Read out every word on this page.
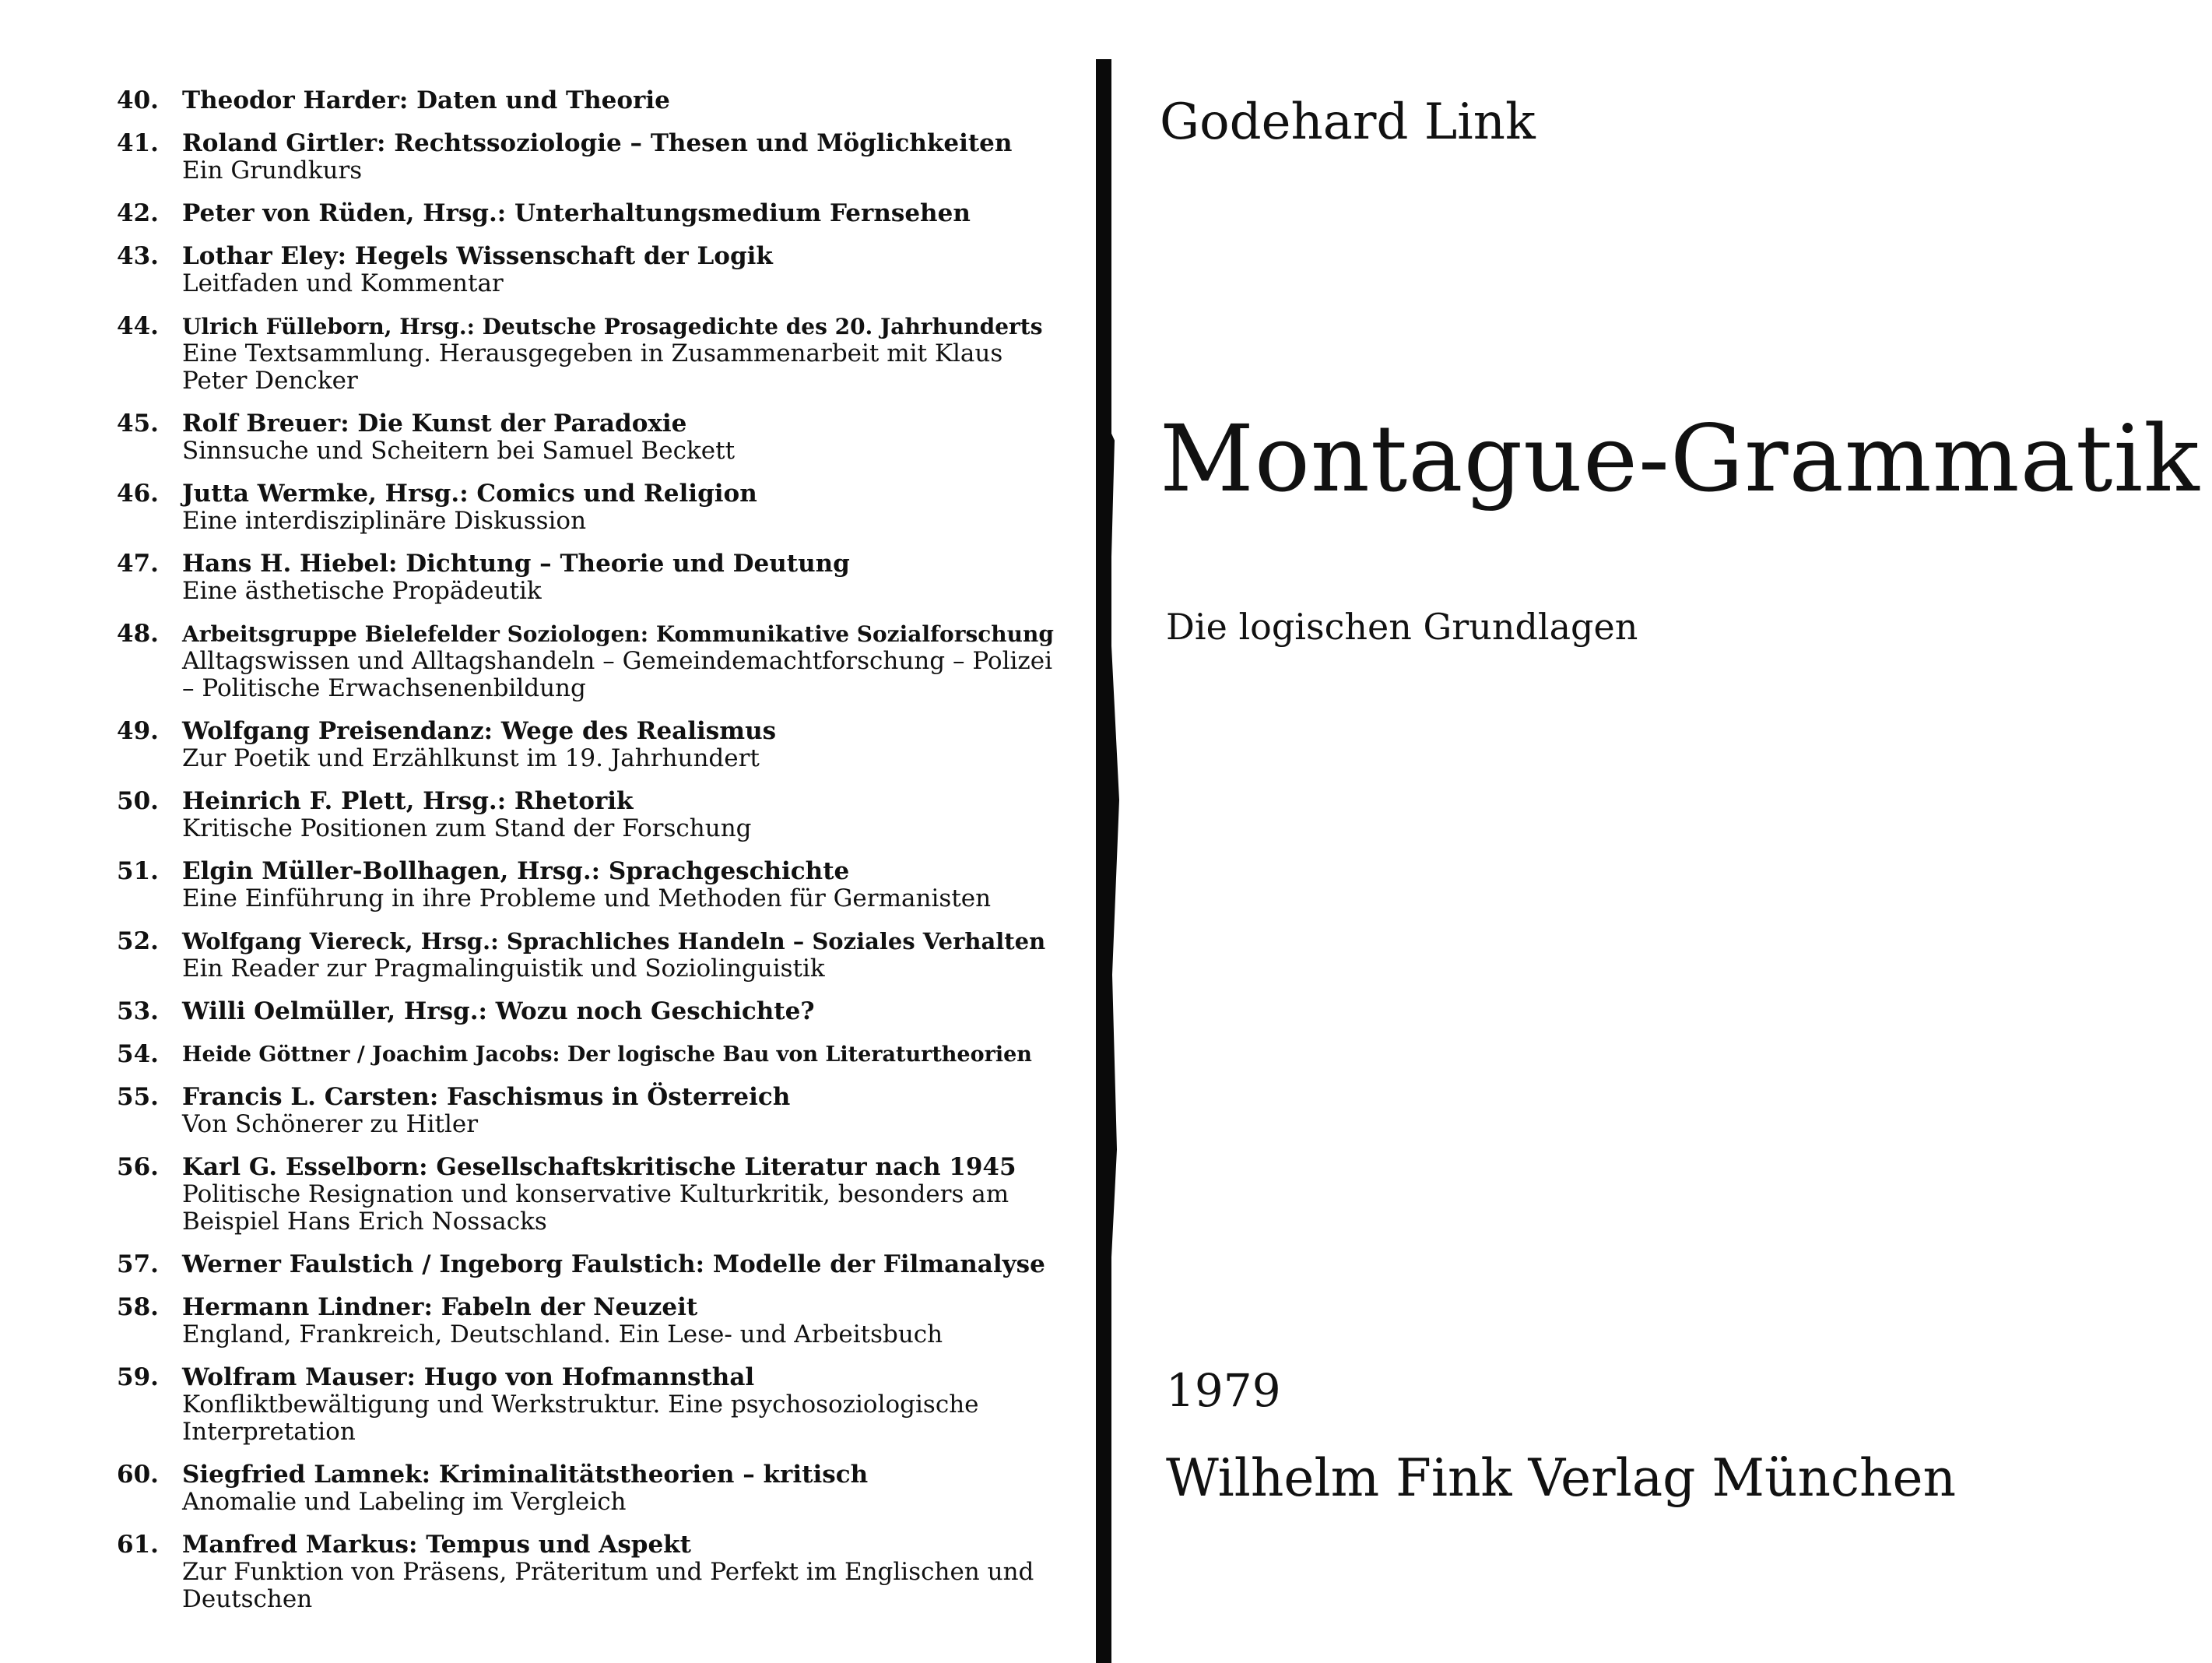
40. Theodor Harder: Daten und Theorie
41. Roland Girtler: Rechtssoziologie – Thesen und Möglichkeiten
Ein Grundkurs
42. Peter von Rüden, Hrsg.: Unterhaltungsmedium Fernsehen
43. Lothar Eley: Hegels Wissenschaft der Logik
Leitfaden und Kommentar
44. Ulrich Fülleborn, Hrsg.: Deutsche Prosagedichte des 20. Jahrhunderts
Eine Textsammlung. Herausgegeben in Zusammenarbeit mit Klaus Peter Dencker
45. Rolf Breuer: Die Kunst der Paradoxie
Sinnsuche und Scheitern bei Samuel Beckett
46. Jutta Wermke, Hrsg.: Comics und Religion
Eine interdisziplinäre Diskussion
47. Hans H. Hiebel: Dichtung – Theorie und Deutung
Eine ästhetische Propädeutik
48. Arbeitsgruppe Bielefelder Soziologen: Kommunikative Sozialforschung
Alltagswissen und Alltagshandeln – Gemeindemachtforschung – Polizei – Politische Erwachsenenbildung
49. Wolfgang Preisendanz: Wege des Realismus
Zur Poetik und Erzählkunst im 19. Jahrhundert
50. Heinrich F. Plett, Hrsg.: Rhetorik
Kritische Positionen zum Stand der Forschung
51. Elgin Müller-Bollhagen, Hrsg.: Sprachgeschichte
Eine Einführung in ihre Probleme und Methoden für Germanisten
52. Wolfgang Viereck, Hrsg.: Sprachliches Handeln – Soziales Verhalten
Ein Reader zur Pragmalinguistik und Soziolinguistik
53. Willi Oelmüller, Hrsg.: Wozu noch Geschichte?
54. Heide Göttner / Joachim Jacobs: Der logische Bau von Literaturtheorien
55. Francis L. Carsten: Faschismus in Österreich
Von Schönerer zu Hitler
56. Karl G. Esselborn: Gesellschaftskritische Literatur nach 1945
Politische Resignation und konservative Kulturkritik, besonders am Beispiel Hans Erich Nossacks
57. Werner Faulstich / Ingeborg Faulstich: Modelle der Filmanalyse
58. Hermann Lindner: Fabeln der Neuzeit
England, Frankreich, Deutschland. Ein Lese- und Arbeitsbuch
59. Wolfram Mauser: Hugo von Hofmannsthal
Konfliktbewältigung und Werkstruktur. Eine psychosoziologische Interpretation
60. Siegfried Lamnek: Kriminalitätstheorien – kritisch
Anomalie und Labeling im Vergleich
61. Manfred Markus: Tempus und Aspekt
Zur Funktion von Präsens, Präteritum und Perfekt im Englischen und Deutschen
Godehard Link
Montague-Grammatik
Die logischen Grundlagen
1979
Wilhelm Fink Verlag München
